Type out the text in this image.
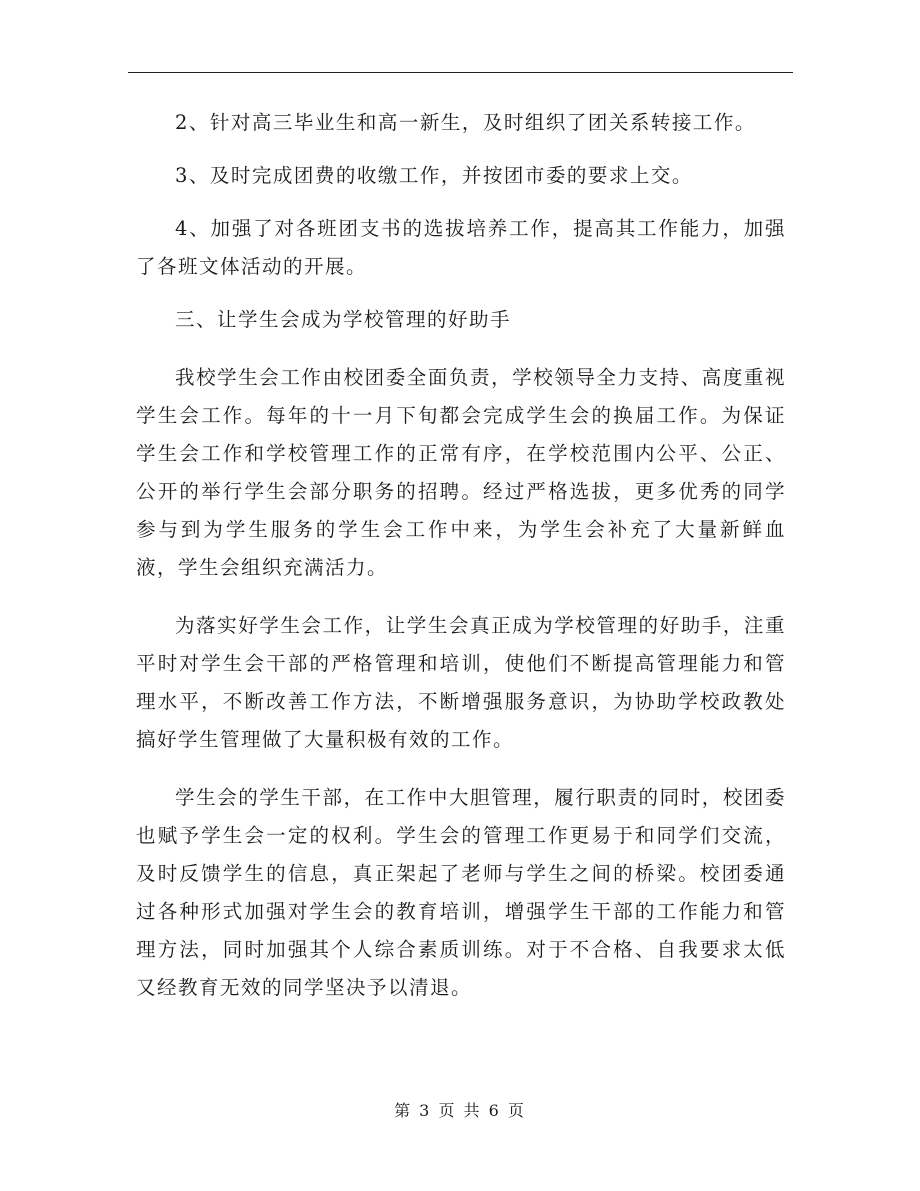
2、针对高三毕业生和高一新生，及时组织了团关系转接工作。

3、及时完成团费的收缴工作，并按团市委的要求上交。

4、加强了对各班团支书的选拔培养工作，提高其工作能力，加强了各班文体活动的开展。

三、让学生会成为学校管理的好助手

我校学生会工作由校团委全面负责，学校领导全力支持、高度重视学生会工作。每年的十一月下旬都会完成学生会的换届工作。为保证学生会工作和学校管理工作的正常有序，在学校范围内公平、公正、公开的举行学生会部分职务的招聘。经过严格选拔，更多优秀的同学参与到为学生服务的学生会工作中来，为学生会补充了大量新鲜血液，学生会组织充满活力。

为落实好学生会工作，让学生会真正成为学校管理的好助手，注重平时对学生会干部的严格管理和培训，使他们不断提高管理能力和管理水平，不断改善工作方法，不断增强服务意识，为协助学校政教处搞好学生管理做了大量积极有效的工作。

学生会的学生干部，在工作中大胆管理，履行职责的同时，校团委也赋予学生会一定的权利。学生会的管理工作更易于和同学们交流，及时反馈学生的信息，真正架起了老师与学生之间的桥梁。校团委通过各种形式加强对学生会的教育培训，增强学生干部的工作能力和管理方法，同时加强其个人综合素质训练。对于不合格、自我要求太低又经教育无效的同学坚决予以清退。

第 3 页 共 6 页
